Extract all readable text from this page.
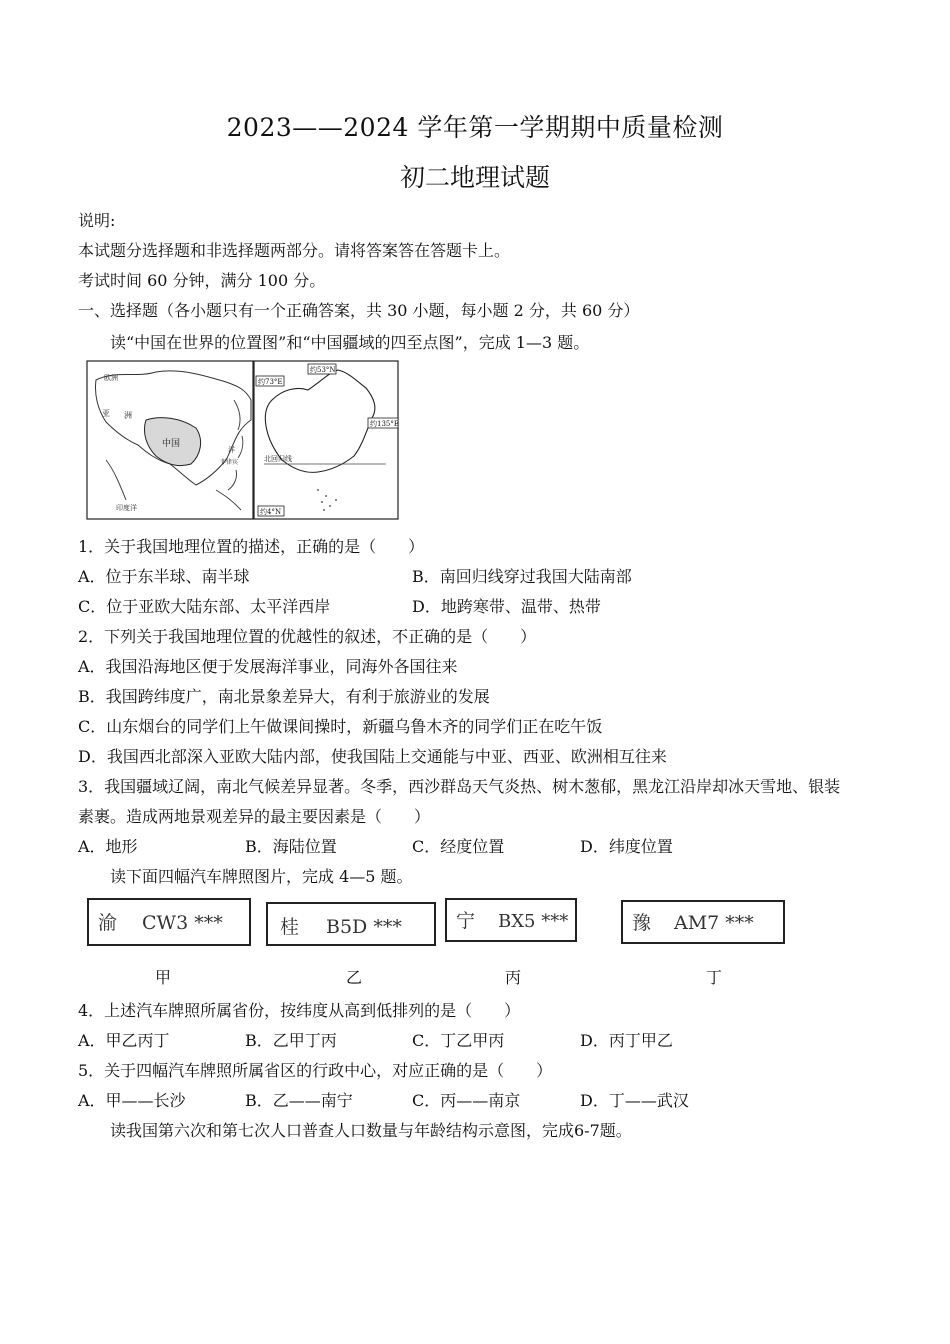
2023——2024 学年第一学期期中质量检测
初二地理试题
说明:
本试题分选择题和非选择题两部分。请将答案答在答题卡上。
考试时间 60 分钟，满分 100 分。
一、选择题（各小题只有一个正确答案，共 30 小题，每小题 2 分，共 60 分）
读“中国在世界的位置图”和“中国疆域的四至点图”，完成 1—3 题。
欧洲
亚 洲
中国
印度洋
洋
菲律宾
约73°E
约53°N
约135°E
约4°N
北回归线
1．关于我国地理位置的描述，正确的是（　　）
A．位于东半球、南半球	B．南回归线穿过我国大陆南部
C．位于亚欧大陆东部、太平洋西岸	D．地跨寒带、温带、热带
2．下列关于我国地理位置的优越性的叙述，不正确的是（　　）
A．我国沿海地区便于发展海洋事业，同海外各国往来
B．我国跨纬度广，南北景象差异大，有利于旅游业的发展
C．山东烟台的同学们上午做课间操时，新疆乌鲁木齐的同学们正在吃午饭
D．我国西北部深入亚欧大陆内部，使我国陆上交通能与中亚、西亚、欧洲相互往来
3．我国疆域辽阔，南北气候差异显著。冬季，西沙群岛天气炎热、树木葱郁，黑龙江沿岸却冰天雪地、银装
素裹。造成两地景观差异的最主要因素是（　　）
A．地形	B．海陆位置	C．经度位置	D．纬度位置
读下面四幅汽车牌照图片，完成 4—5 题。
渝 CW3 ***	桂 B5D ***	宁 BX5 ***	豫 AM7 ***
甲	乙	丙	丁
4．上述汽车牌照所属省份，按纬度从高到低排列的是（　　）
A．甲乙丙丁	B．乙甲丁丙	C．丁乙甲丙	D．丙丁甲乙
5．关于四幅汽车牌照所属省区的行政中心，对应正确的是（　　）
A．甲——长沙	B．乙——南宁	C．丙——南京	D．丁——武汉
读我国第六次和第七次人口普查人口数量与年龄结构示意图，完成6-7题。
